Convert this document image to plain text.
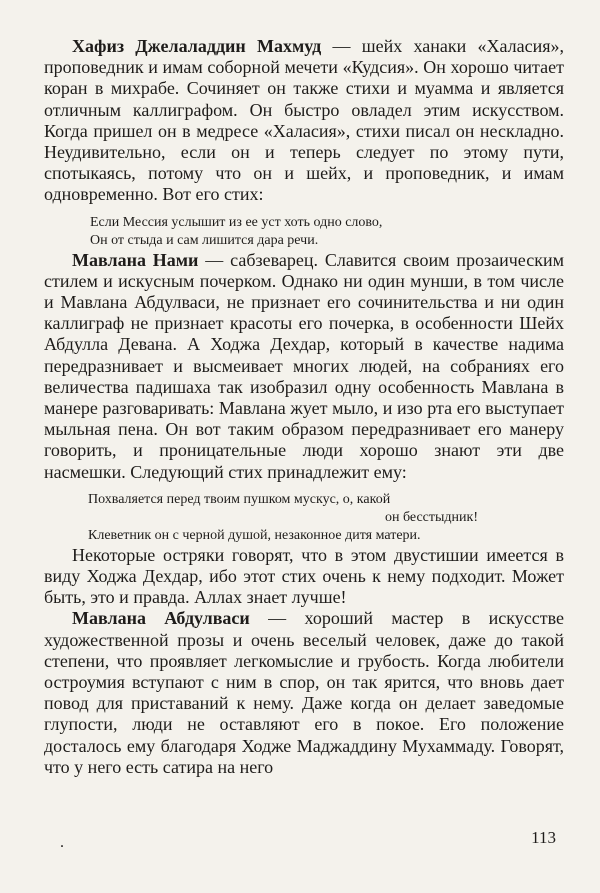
Хафиз Джелаладдин Махмуд — шейх ханаки «Халасия», проповедник и имам соборной мечети «Кудсия». Он хорошо читает коран в михрабе. Сочиняет он также стихи и муамма и является отличным каллиграфом. Он быстро овладел этим искусством. Когда пришел он в медресе «Халасия», стихи писал он нескладно. Неудивительно, если он и теперь следует по этому пути, спотыкаясь, потому что он и шейх, и проповедник, и имам одновременно. Вот его стих:

Если Мессия услышит из ее уст хоть одно слово,
Он от стыда и сам лишится дара речи.

Мавлана Нами — сабзеварец. Славится своим прозаическим стилем и искусным почерком. Однако ни один мунши, в том числе и Мавлана Абдулваси, не признает его сочинительства и ни один каллиграф не признает красоты его почерка, в особенности Шейх Абдулла Девана. А Ходжа Дехдар, который в качестве надима передразнивает и высмеивает многих людей, на собраниях его величества падишаха так изобразил одну особенность Мавлана в манере разговаривать: Мавлана жует мыло, и изо рта его выступает мыльная пена. Он вот таким образом передразнивает его манеру говорить, и проницательные люди хорошо знают эти две насмешки. Следующий стих принадлежит ему:

Похваляется перед твоим пушком мускус, о, какой
он бесстыдник!
Клеветник он с черной душой, незаконное дитя матери.

Некоторые остряки говорят, что в этом двустишии имеется в виду Ходжа Дехдар, ибо этот стих очень к нему подходит. Может быть, это и правда. Аллах знает лучше!

Мавлана Абдулваси — хороший мастер в искусстве художественной прозы и очень веселый человек, даже до такой степени, что проявляет легкомыслие и грубость. Когда любители остроумия вступают с ним в спор, он так ярится, что вновь дает повод для приставаний к нему. Даже когда он делает заведомые глупости, люди не оставляют его в покое. Его положение досталось ему благодаря Ходже Маджаддину Мухаммаду. Говорят, что у него есть сатира на него

.	113
